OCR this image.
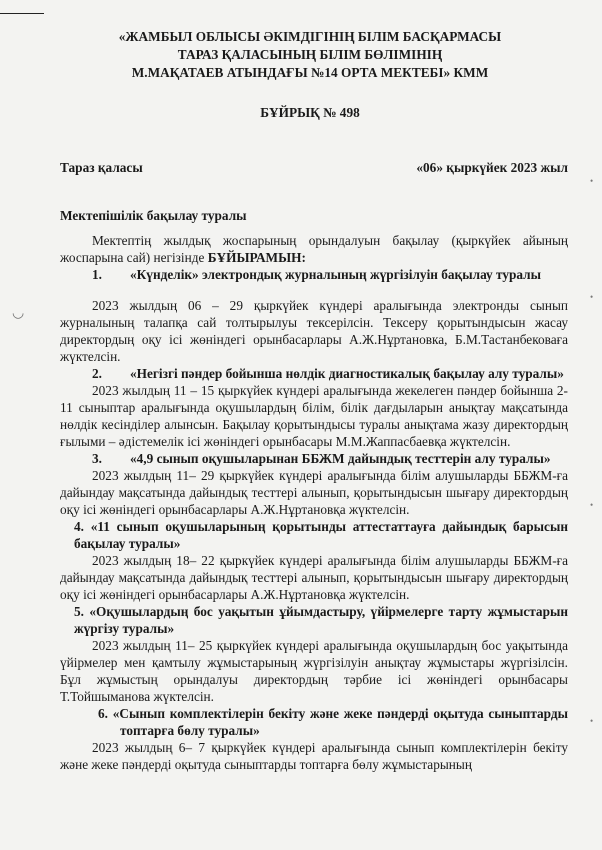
•
•
•
•
◡
«ЖАМБЫЛ ОБЛЫСЫ ӘКІМДІГІНІҢ БІЛІМ БАСҚАРМАСЫ
ТАРАЗ ҚАЛАСЫНЫҢ БІЛІМ БӨЛІМІНІҢ
М.МАҚАТАЕВ АТЫНДАҒЫ №14 ОРТА МЕКТЕБІ» КММ
БҰЙРЫҚ № 498
Тараз қаласы	«06» қыркүйек 2023 жыл
Мектепішілік бақылау туралы

Мектептің жылдық жоспарының орындалуын бақылау (қыркүйек айының жоспарына сай) негізінде БҰЙЫРАМЫН:

1. «Күнделік» электрондық журналының жүргізілуін бақылау туралы

2023 жылдың 06 – 29 қыркүйек күндері аралығында электронды сынып журналының талапқа сай толтырылуы тексерілсін. Тексеру қорытындысын жасау директордың оқу ісі жөніндегі орынбасарлары А.Ж.Нұртановка, Б.М.Тастанбековаға жүктелсін.

2. «Негізгі пәндер бойынша нөлдік диагностикалық бақылау алу туралы»

2023 жылдың 11 – 15 қыркүйек күндері аралығында жекелеген пәндер бойынша 2-11 сыныптар аралығында оқушылардың білім, білік дағдыларын анықтау мақсатында нөлдік кесінділер алынсын. Бақылау қорытындысы туралы анықтама жазу директордың ғылыми – әдістемелік ісі жөніндегі орынбасары М.М.Жаппасбаевқа жүктелсін.

3. «4,9 сынып оқушыларынан ББЖМ дайындық тесттерін алу туралы»

2023 жылдың 11– 29 қыркүйек күндері аралығында білім алушыларды ББЖМ-ға дайындау мақсатында дайындық тесттері алынып, қорытындысын шығару директордың оқу ісі жөніндегі орынбасарлары А.Ж.Нұртановқа жүктелсін.

4. «11 сынып оқушыларының қорытынды аттестаттауға дайындық барысын бақылау туралы»

2023 жылдың 18– 22 қыркүйек күндері аралығында білім алушыларды ББЖМ-ға дайындау мақсатында дайындық тесттері алынып, қорытындысын шығару директордың оқу ісі жөніндегі орынбасарлары А.Ж.Нұртановқа жүктелсін.

5. «Оқушылардың бос уақытын ұйымдастыру, үйірмелерге тарту жұмыстарын жүргізу туралы»

2023 жылдың 11– 25 қыркүйек күндері аралығында оқушылардың бос уақытында үйірмелер мен қамтылу жұмыстарының жүргізілуін анықтау жұмыстары жүргізілсін. Бұл жұмыстың орындалуы директордың тәрбие ісі жөніндегі орынбасары Т.Тойшыманова жүктелсін.

6. «Сынып комплектілерін бекіту және жеке пәндерді оқытуда сыныптарды топтарға бөлу туралы»

2023 жылдың 6– 7 қыркүйек күндері аралығында сынып комплектілерін бекіту және жеке пәндерді оқытуда сыныптарды топтарға бөлу жұмыстарының
